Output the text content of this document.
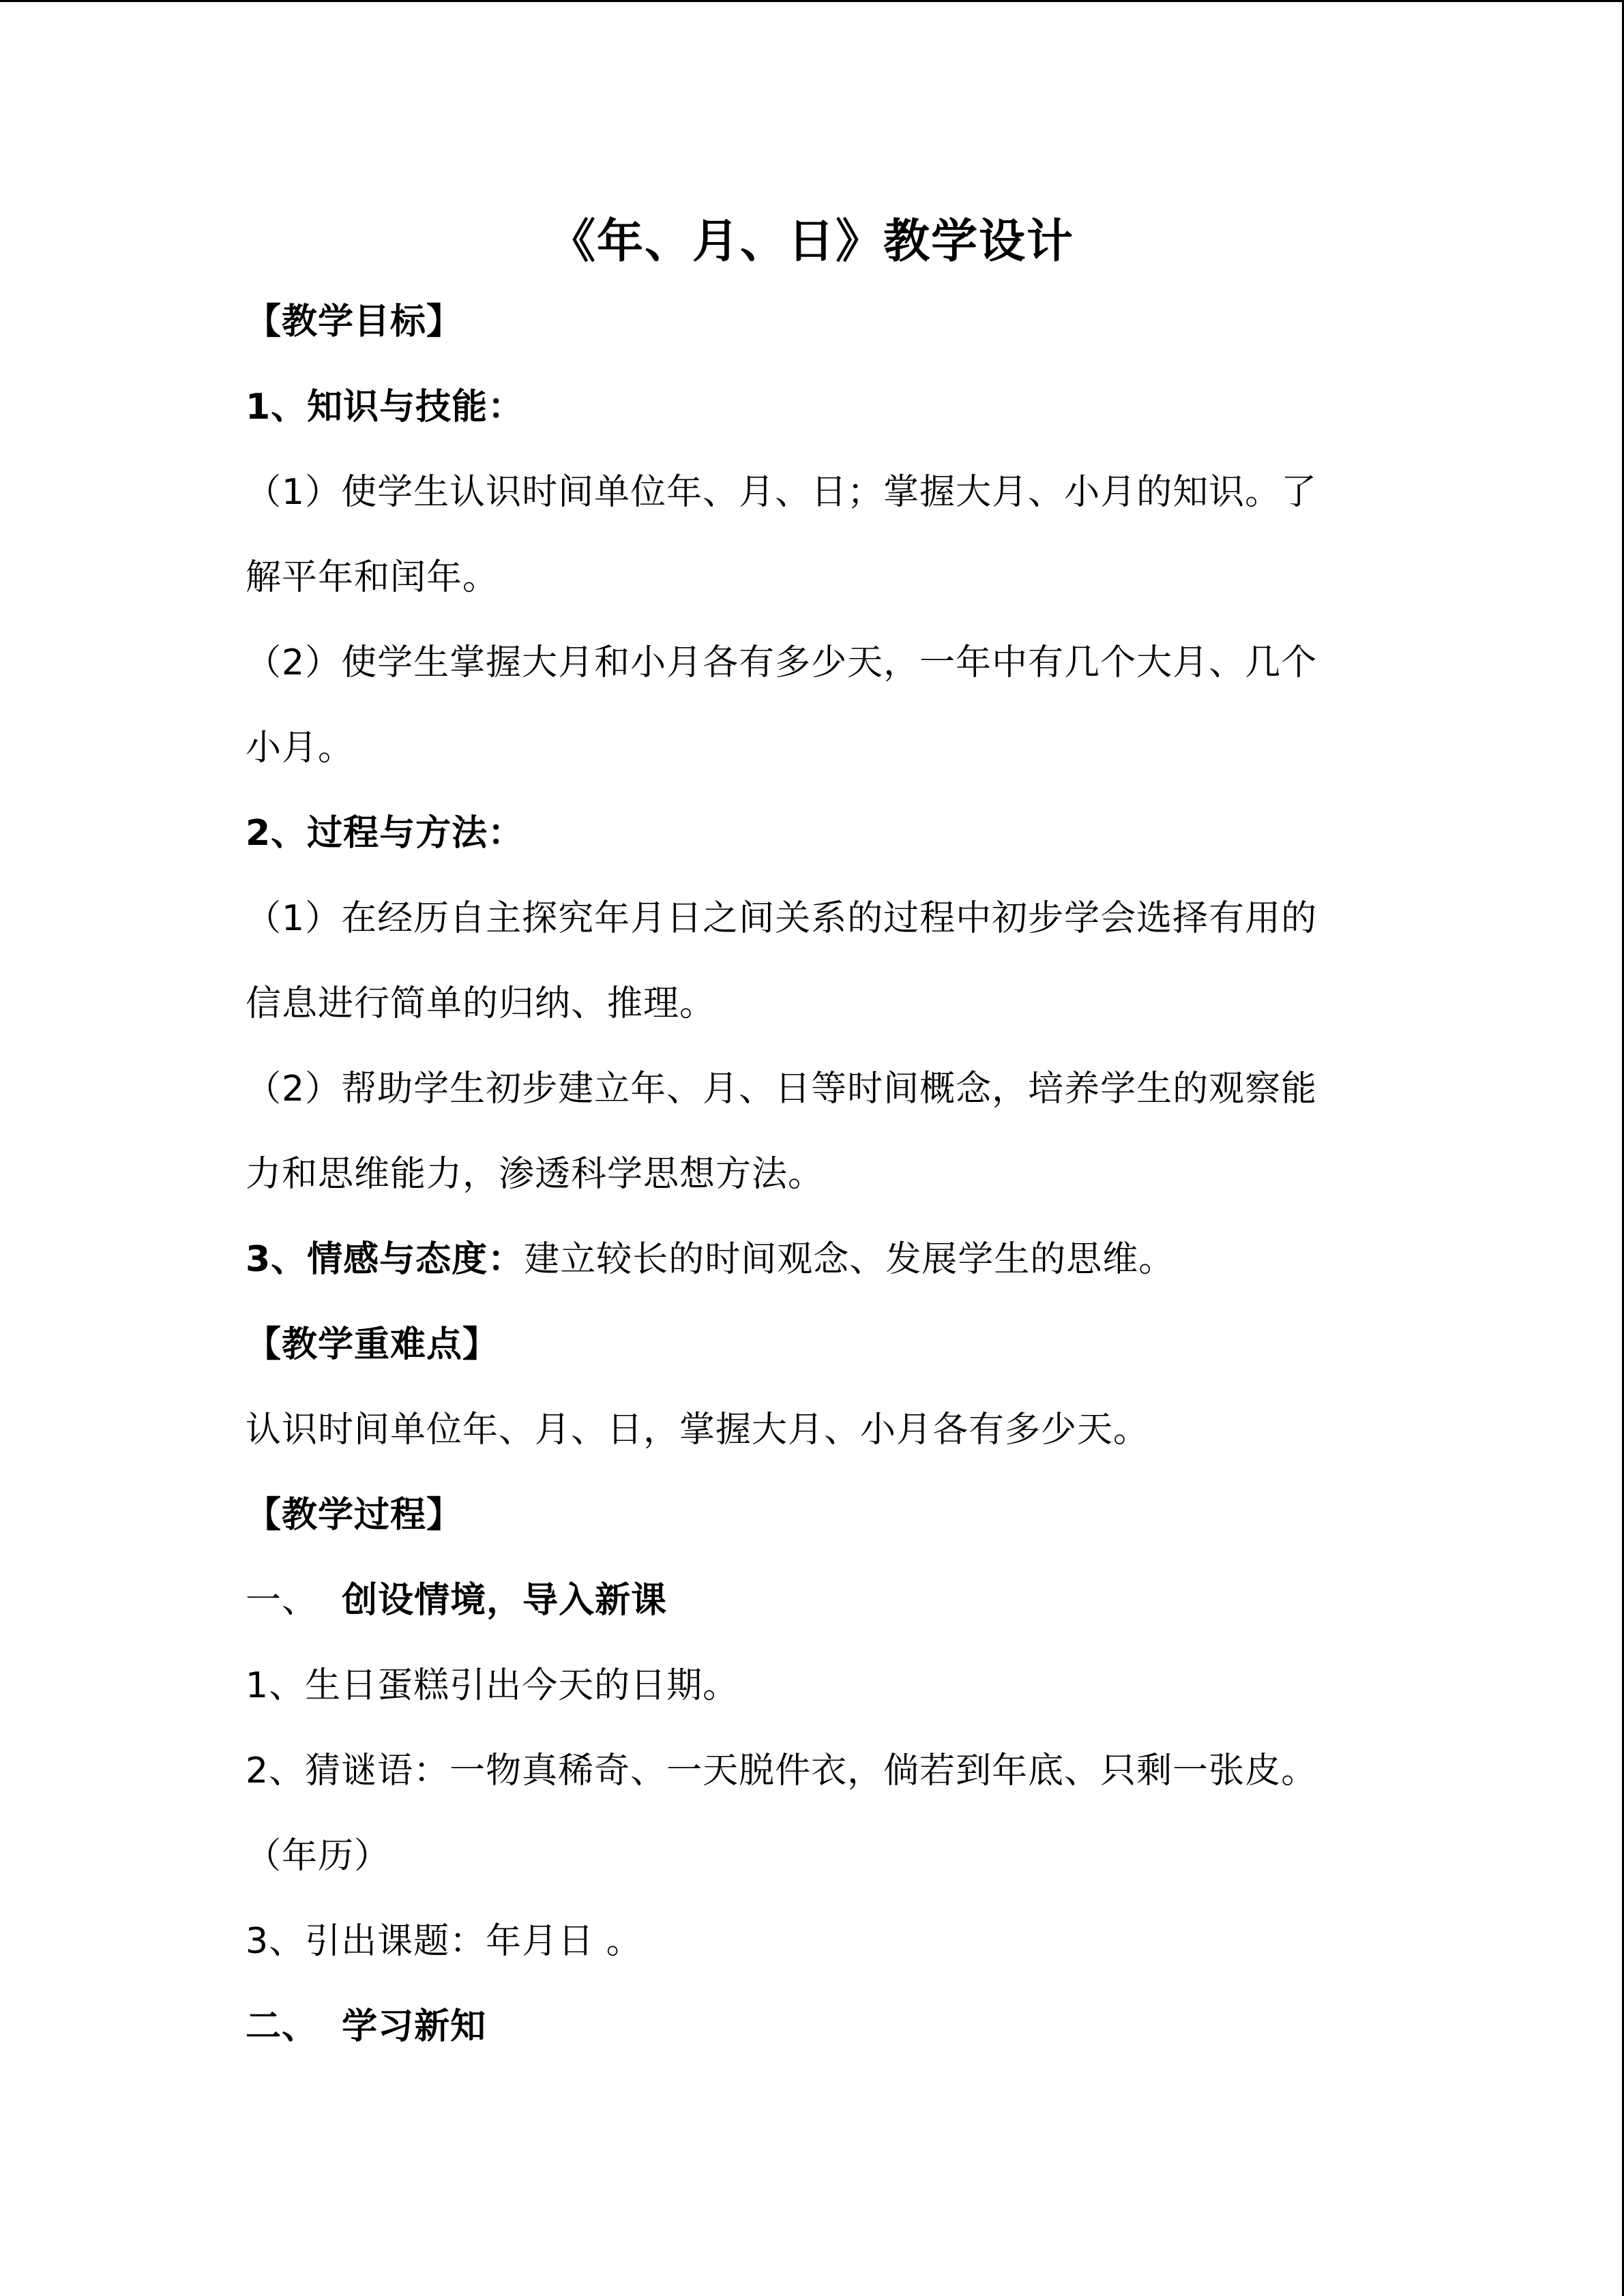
《年、月、日》教学设计

【教学目标】

1、知识与技能：

（1）使学生认识时间单位年、月、日；掌握大月、小月的知识。了

解平年和闰年。

（2）使学生掌握大月和小月各有多少天，一年中有几个大月、几个

小月。

2、过程与方法：

（1）在经历自主探究年月日之间关系的过程中初步学会选择有用的

信息进行简单的归纳、推理。

（2）帮助学生初步建立年、月、日等时间概念，培养学生的观察能

力和思维能力，渗透科学思想方法。

3、情感与态度：建立较长的时间观念、发展学生的思维。

【教学重难点】

认识时间单位年、月、日，掌握大月、小月各有多少天。

【教学过程】

一、 创设情境，导入新课

1、生日蛋糕引出今天的日期。

2、猜谜语：一物真稀奇、一天脱件衣，倘若到年底、只剩一张皮。

（年历）

3、引出课题：年月日 。

二、 学习新知
